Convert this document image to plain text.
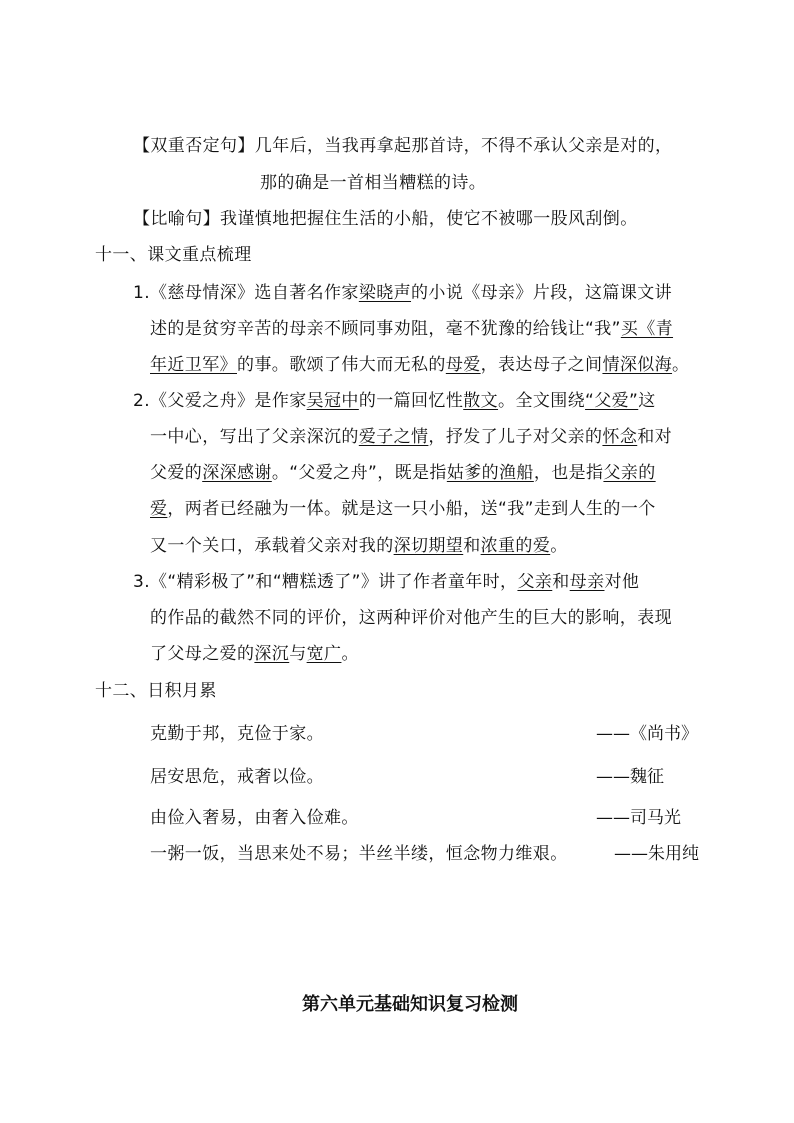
【双重否定句】几年后，当我再拿起那首诗，不得不承认父亲是对的，
那的确是一首相当糟糕的诗。
【比喻句】我谨慎地把握住生活的小船，使它不被哪一股风刮倒。
十一、课文重点梳理
1.《慈母情深》选自著名作家梁晓声的小说《母亲》片段，这篇课文讲
述的是贫穷辛苦的母亲不顾同事劝阻，毫不犹豫的给钱让“我”买《青
年近卫军》的事。歌颂了伟大而无私的母爱，表达母子之间情深似海。
2.《父爱之舟》是作家吴冠中的一篇回忆性散文。全文围绕“父爱”这
一中心，写出了父亲深沉的爱子之情，抒发了儿子对父亲的怀念和对
父爱的深深感谢。“父爱之舟”，既是指姑爹的渔船，也是指父亲的
爱，两者已经融为一体。就是这一只小船，送“我”走到人生的一个
又一个关口，承载着父亲对我的深切期望和浓重的爱。
3.《“精彩极了”和“糟糕透了”》讲了作者童年时，父亲和母亲对他
的作品的截然不同的评价，这两种评价对他产生的巨大的影响，表现
了父母之爱的深沉与宽广。
十二、日积月累
克勤于邦，克俭于家。	——《尚书》
居安思危，戒奢以俭。	——魏征
由俭入奢易，由奢入俭难。	——司马光
一粥一饭，当思来处不易；半丝半缕，恒念物力维艰。	——朱用纯
第六单元基础知识复习检测
